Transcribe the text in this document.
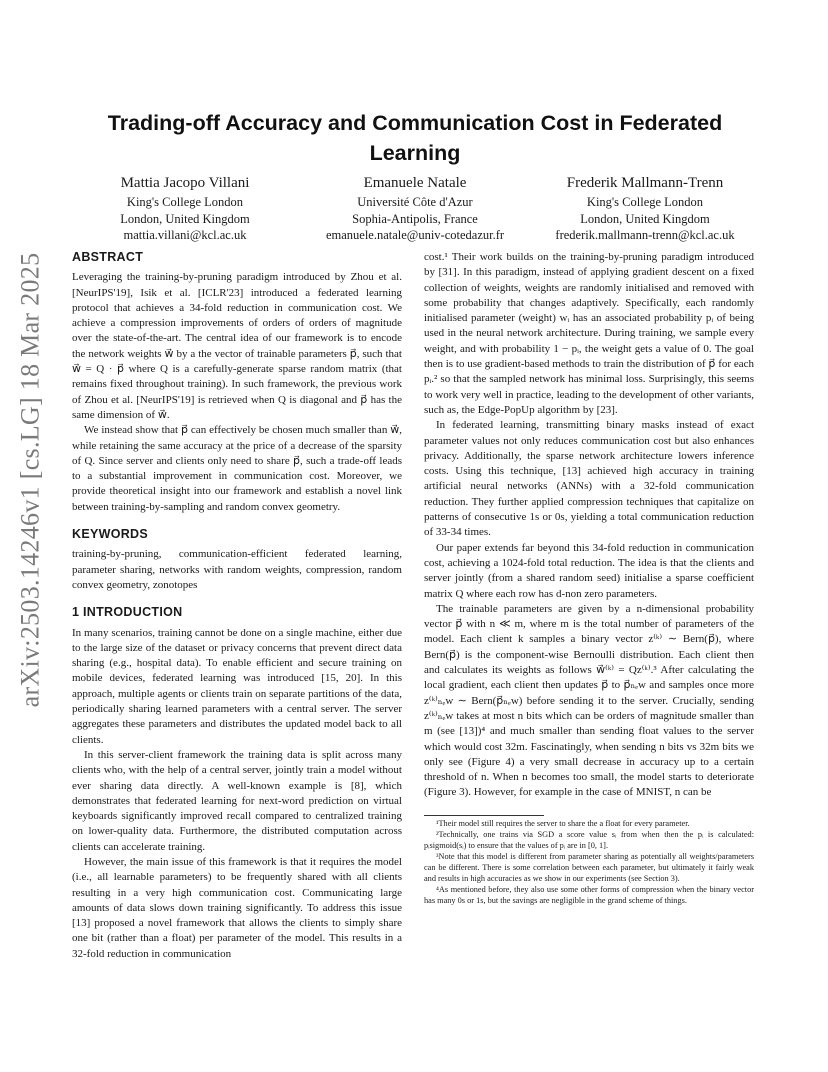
arXiv:2503.14246v1 [cs.LG] 18 Mar 2025
Trading-off Accuracy and Communication Cost in Federated Learning
Mattia Jacopo Villani
King's College London
London, United Kingdom
mattia.villani@kcl.ac.uk
Emanuele Natale
Université Côte d'Azur
Sophia-Antipolis, France
emanuele.natale@univ-cotedazur.fr
Frederik Mallmann-Trenn
King's College London
London, United Kingdom
frederik.mallmann-trenn@kcl.ac.uk
ABSTRACT

Leveraging the training-by-pruning paradigm introduced by Zhou et al. [NeurIPS'19], Isik et al. [ICLR'23] introduced a federated learning protocol that achieves a 34-fold reduction in communication cost. We achieve a compression improvements of orders of orders of magnitude over the state-of-the-art. The central idea of our framework is to encode the network weights w⃗ by a the vector of trainable parameters p⃗, such that w⃗ = Q · p⃗ where Q is a carefully-generate sparse random matrix (that remains fixed throughout training). In such framework, the previous work of Zhou et al. [NeurIPS'19] is retrieved when Q is diagonal and p⃗ has the same dimension of w⃗.

We instead show that p⃗ can effectively be chosen much smaller than w⃗, while retaining the same accuracy at the price of a decrease of the sparsity of Q. Since server and clients only need to share p⃗, such a trade-off leads to a substantial improvement in communication cost. Moreover, we provide theoretical insight into our framework and establish a novel link between training-by-sampling and random convex geometry.

KEYWORDS

training-by-pruning, communication-efficient federated learning, parameter sharing, networks with random weights, compression, random convex geometry, zonotopes

1 INTRODUCTION

In many scenarios, training cannot be done on a single machine, either due to the large size of the dataset or privacy concerns that prevent direct data sharing (e.g., hospital data). To enable efficient and secure training on mobile devices, federated learning was introduced [15, 20]. In this approach, multiple agents or clients train on separate partitions of the data, periodically sharing learned parameters with a central server. The server aggregates these parameters and distributes the updated model back to all clients.

In this server-client framework the training data is split across many clients who, with the help of a central server, jointly train a model without ever sharing data directly. A well-known example is [8], which demonstrates that federated learning for next-word prediction on virtual keyboards significantly improved recall compared to centralized training on lower-quality data. Furthermore, the distributed computation across clients can accelerate training.

However, the main issue of this framework is that it requires the model (i.e., all learnable parameters) to be frequently shared with all clients resulting in a very high communication cost. Communicating large amounts of data slows down training significantly. To address this issue [13] proposed a novel framework that allows the clients to simply share one bit (rather than a float) per parameter of the model. This results in a 32-fold reduction in communication

cost.¹ Their work builds on the training-by-pruning paradigm introduced by [31]. In this paradigm, instead of applying gradient descent on a fixed collection of weights, weights are randomly initialised and removed with some probability that changes adaptively. Specifically, each randomly initialised parameter (weight) wᵢ has an associated probability pᵢ of being used in the neural network architecture. During training, we sample every weight, and with probability 1 − pᵢ, the weight gets a value of 0. The goal then is to use gradient-based methods to train the distribution of p⃗ for each pᵢ.² so that the sampled network has minimal loss. Surprisingly, this seems to work very well in practice, leading to the development of other variants, such as, the Edge-PopUp algorithm by [23].

In federated learning, transmitting binary masks instead of exact parameter values not only reduces communication cost but also enhances privacy. Additionally, the sparse network architecture lowers inference costs. Using this technique, [13] achieved high accuracy in training artificial neural networks (ANNs) with a 32-fold communication reduction. They further applied compression techniques that capitalize on patterns of consecutive 1s or 0s, yielding a total communication reduction of 33-34 times.

Our paper extends far beyond this 34-fold reduction in communication cost, achieving a 1024-fold total reduction. The idea is that the clients and server jointly (from a shared random seed) initialise a sparse coefficient matrix Q where each row has d-non zero parameters.

The trainable parameters are given by a n-dimensional probability vector p⃗ with n ≪ m, where m is the total number of parameters of the model. Each client k samples a binary vector z⁽ᵏ⁾ ∼ Bern(p⃗), where Bern(p⃗) is the component-wise Bernoulli distribution. Each client then and calculates its weights as follows w⃗⁽ᵏ⁾ = Qz⁽ᵏ⁾.³ After calculating the local gradient, each client then updates p⃗ to p⃗ₙₑw and samples once more z⁽ᵏ⁾ₙₑw ∼ Bern(p⃗ₙₑw) before sending it to the server. Crucially, sending z⁽ᵏ⁾ₙₑw takes at most n bits which can be orders of magnitude smaller than m (see [13])⁴ and much smaller than sending float values to the server which would cost 32m. Fascinatingly, when sending n bits vs 32m bits we only see (Figure 4) a very small decrease in accuracy up to a certain threshold of n. When n becomes too small, the model starts to deteriorate (Figure 3). However, for example in the case of MNIST, n can be

¹Their model still requires the server to share the a float for every parameter.

²Technically, one trains via SGD a score value sᵢ from when then the pᵢ is calculated: pᵢsigmoid(sᵢ) to ensure that the values of pᵢ are in [0, 1].

³Note that this model is different from parameter sharing as potentially all weights/parameters can be different. There is some correlation between each parameter, but ultimately it fairly weak and results in high accuracies as we show in our experiments (see Section 3).

⁴As mentioned before, they also use some other forms of compression when the binary vector has many 0s or 1s, but the savings are negligible in the grand scheme of things.
